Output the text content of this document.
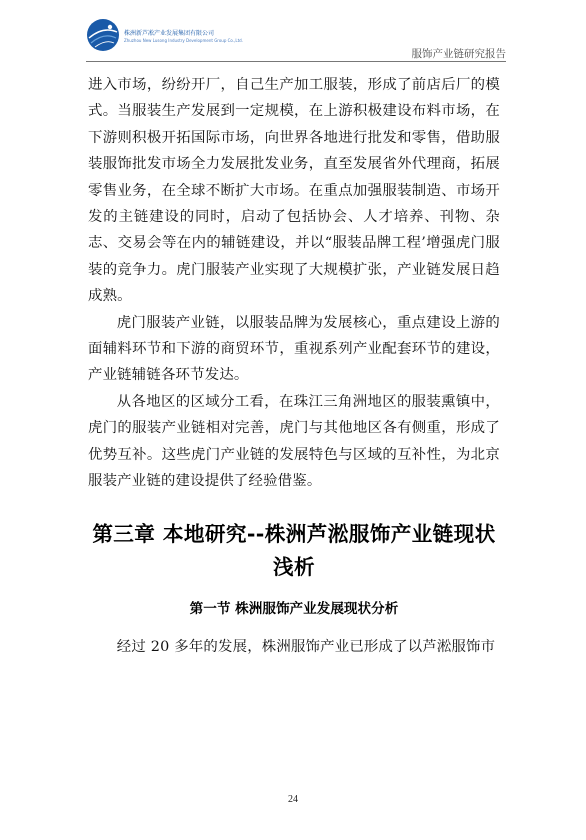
株洲新芦凇产业发展集团有限公司
Zhuzhou New Lusong Industry Development Group Co.,Ltd.
服饰产业链研究报告

进入市场，纷纷开厂，自己生产加工服装，形成了前店后厂的模式。当服装生产发展到一定规模，在上游积极建设布料市场，在下游则积极开拓国际市场，向世界各地进行批发和零售，借助服装服饰批发市场全力发展批发业务，直至发展省外代理商，拓展零售业务，在全球不断扩大市场。在重点加强服装制造、市场开发的主链建设的同时，启动了包括协会、人才培养、刊物、杂志、交易会等在内的辅链建设，并以“服装品牌工程’增强虎门服装的竞争力。虎门服装产业实现了大规模扩张，产业链发展日趋成熟。

虎门服装产业链，以服装品牌为发展核心，重点建设上游的面辅料环节和下游的商贸环节，重视系列产业配套环节的建设，产业链辅链各环节发达。

从各地区的区域分工看，在珠江三角洲地区的服装熏镇中，虎门的服装产业链相对完善，虎门与其他地区各有侧重，形成了优势互补。这些虎门产业链的发展特色与区域的互补性，为北京服装产业链的建设提供了经验借鉴。

第三章 本地研究--株洲芦淞服饰产业链现状浅析
第一节 株洲服饰产业发展现状分析

经过 20 多年的发展，株洲服饰产业已形成了以芦淞服饰市

24
